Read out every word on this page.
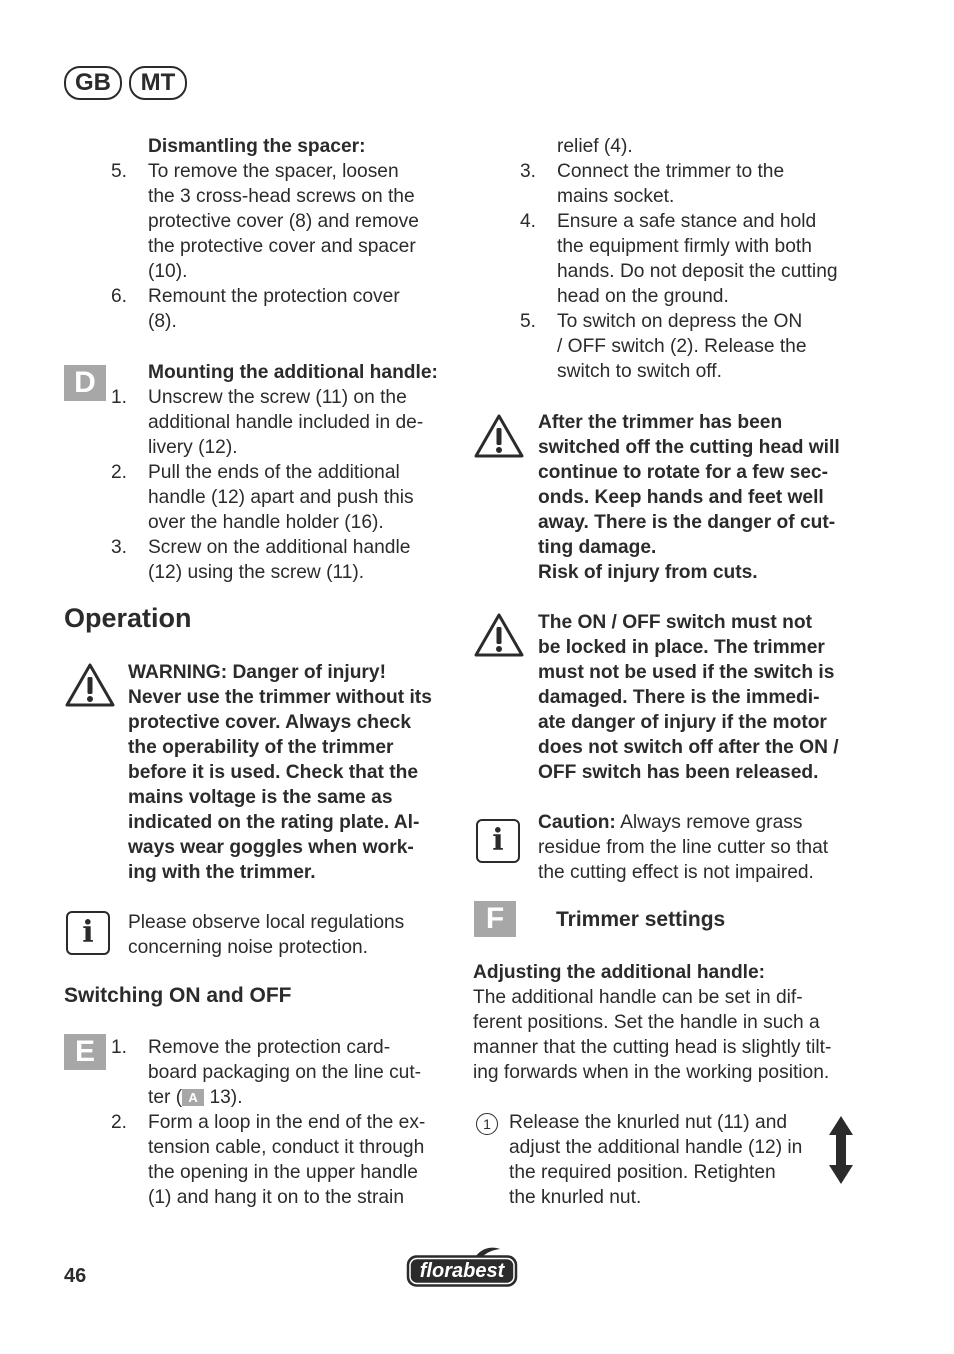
GB	MT
Dismantling the spacer:
5. To remove the spacer, loosen
the 3 cross-head screws on the
protective cover (8) and remove
the protective cover and spacer
(10).
6. Remount the protection cover
(8).
D	Mounting the additional handle:
1. Unscrew the screw (11) on the
additional handle included in de-
livery (12).
2. Pull the ends of the additional
handle (12) apart and push this
over the handle holder (16).
3. Screw on the additional handle
(12) using the screw (11).
Operation
WARNING: Danger of injury!
Never use the trimmer without its
protective cover. Always check
the operability of the trimmer
before it is used. Check that the
mains voltage is the same as
indicated on the rating plate. Al-
ways wear goggles when work-
ing with the trimmer.
i	Please observe local regulations
concerning noise protection.
Switching ON and OFF
E 1. Remove the protection card-
board packaging on the line cut-
ter ( A 13).
2. Form a loop in the end of the ex-
tension cable, conduct it through
the opening in the upper handle
(1) and hang it on to the strain
relief (4).
3. Connect the trimmer to the
mains socket.
4. Ensure a safe stance and hold
the equipment firmly with both
hands. Do not deposit the cutting
head on the ground.
5. To switch on depress the ON
/ OFF switch (2). Release the
switch to switch off.
After the trimmer has been
switched off the cutting head will
continue to rotate for a few sec-
onds. Keep hands and feet well
away. There is the danger of cut-
ting damage.
Risk of injury from cuts.
The ON / OFF switch must not
be locked in place. The trimmer
must not be used if the switch is
damaged. There is the immedi-
ate danger of injury if the motor
does not switch off after the ON /
OFF switch has been released.
i
Caution: Always remove grass
residue from the line cutter so that
the cutting effect is not impaired.
F	Trimmer settings
Adjusting the additional handle:
The additional handle can be set in dif-
ferent positions. Set the handle in such a
manner that the cutting head is slightly tilt-
ing forwards when in the working position.
1 Release the knurled nut (11) and
adjust the additional handle (12) in
the required position. Retighten
the knurled nut.
46	florabest
